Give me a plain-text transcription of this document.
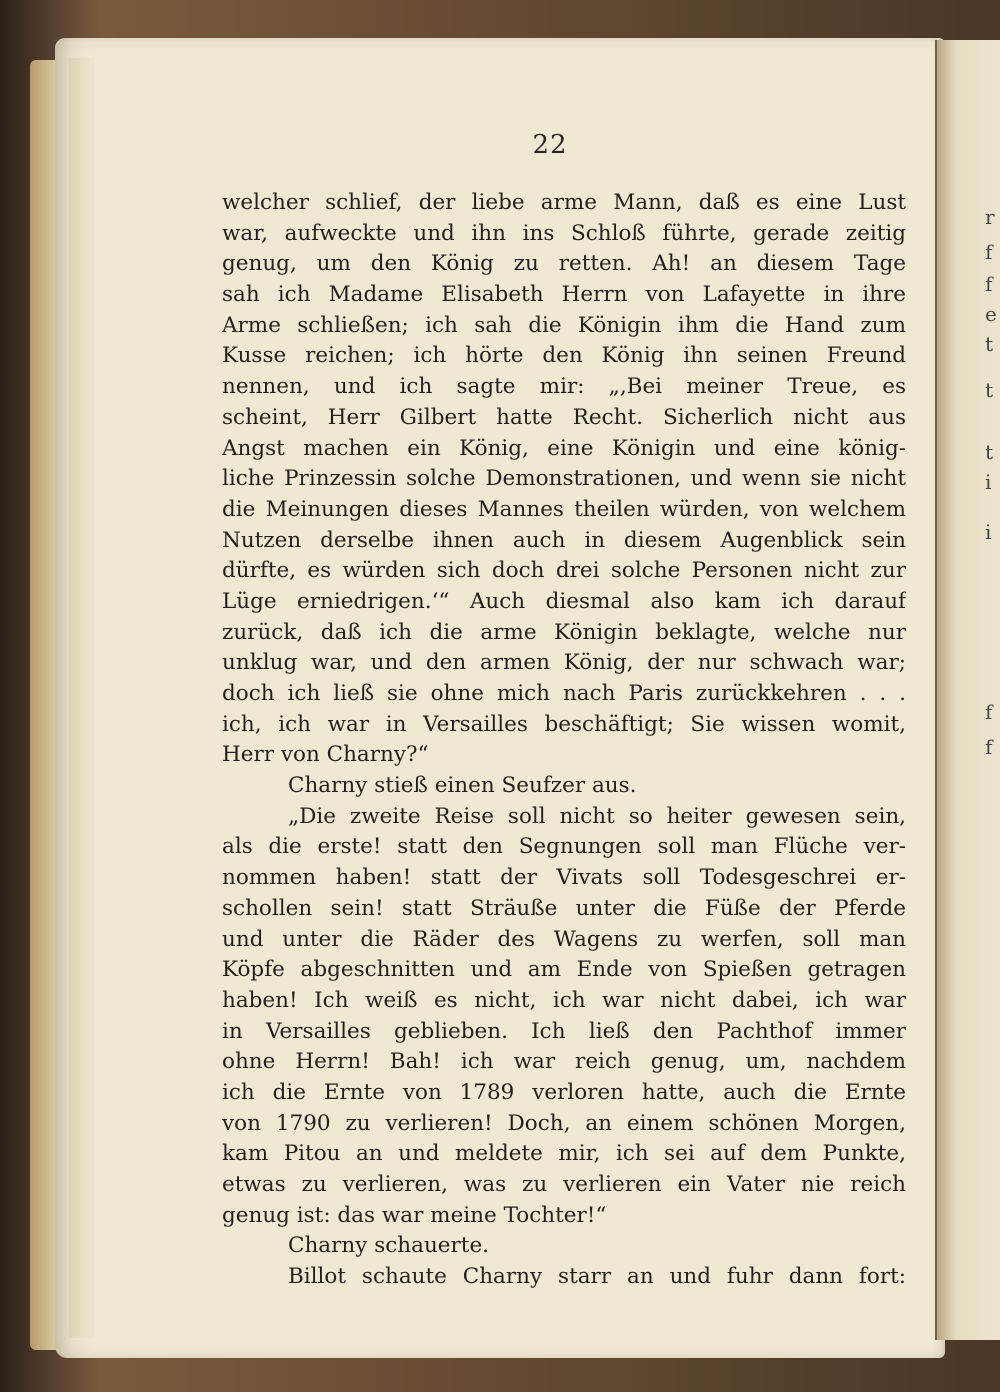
r
f
f
e
t
t
t
i
i
f
f
22
welcher schlief, der liebe arme Mann, daß es eine Lust
war, aufweckte und ihn ins Schloß führte, gerade zeitig
genug, um den König zu retten. Ah! an diesem Tage
sah ich Madame Elisabeth Herrn von Lafayette in ihre
Arme schließen; ich sah die Königin ihm die Hand zum
Kusse reichen; ich hörte den König ihn seinen Freund
nennen, und ich sagte mir: „‚Bei meiner Treue, es
scheint, Herr Gilbert hatte Recht. Sicherlich nicht aus
Angst machen ein König, eine Königin und eine könig-
liche Prinzessin solche Demonstrationen, und wenn sie nicht
die Meinungen dieses Mannes theilen würden, von welchem
Nutzen derselbe ihnen auch in diesem Augenblick sein
dürfte, es würden sich doch drei solche Personen nicht zur
Lüge erniedrigen.‘“ Auch diesmal also kam ich darauf
zurück, daß ich die arme Königin beklagte, welche nur
unklug war, und den armen König, der nur schwach war;
doch ich ließ sie ohne mich nach Paris zurückkehren . . .
ich, ich war in Versailles beschäftigt; Sie wissen womit,
Herr von Charny?“
Charny stieß einen Seufzer aus.
„Die zweite Reise soll nicht so heiter gewesen sein,
als die erste! statt den Segnungen soll man Flüche ver-
nommen haben! statt der Vivats soll Todesgeschrei er-
schollen sein! statt Sträuße unter die Füße der Pferde
und unter die Räder des Wagens zu werfen, soll man
Köpfe abgeschnitten und am Ende von Spießen getragen
haben! Ich weiß es nicht, ich war nicht dabei, ich war
in Versailles geblieben. Ich ließ den Pachthof immer
ohne Herrn! Bah! ich war reich genug, um, nachdem
ich die Ernte von 1789 verloren hatte, auch die Ernte
von 1790 zu verlieren! Doch, an einem schönen Morgen,
kam Pitou an und meldete mir, ich sei auf dem Punkte,
etwas zu verlieren, was zu verlieren ein Vater nie reich
genug ist: das war meine Tochter!“
Charny schauerte.
Billot schaute Charny starr an und fuhr dann fort:
